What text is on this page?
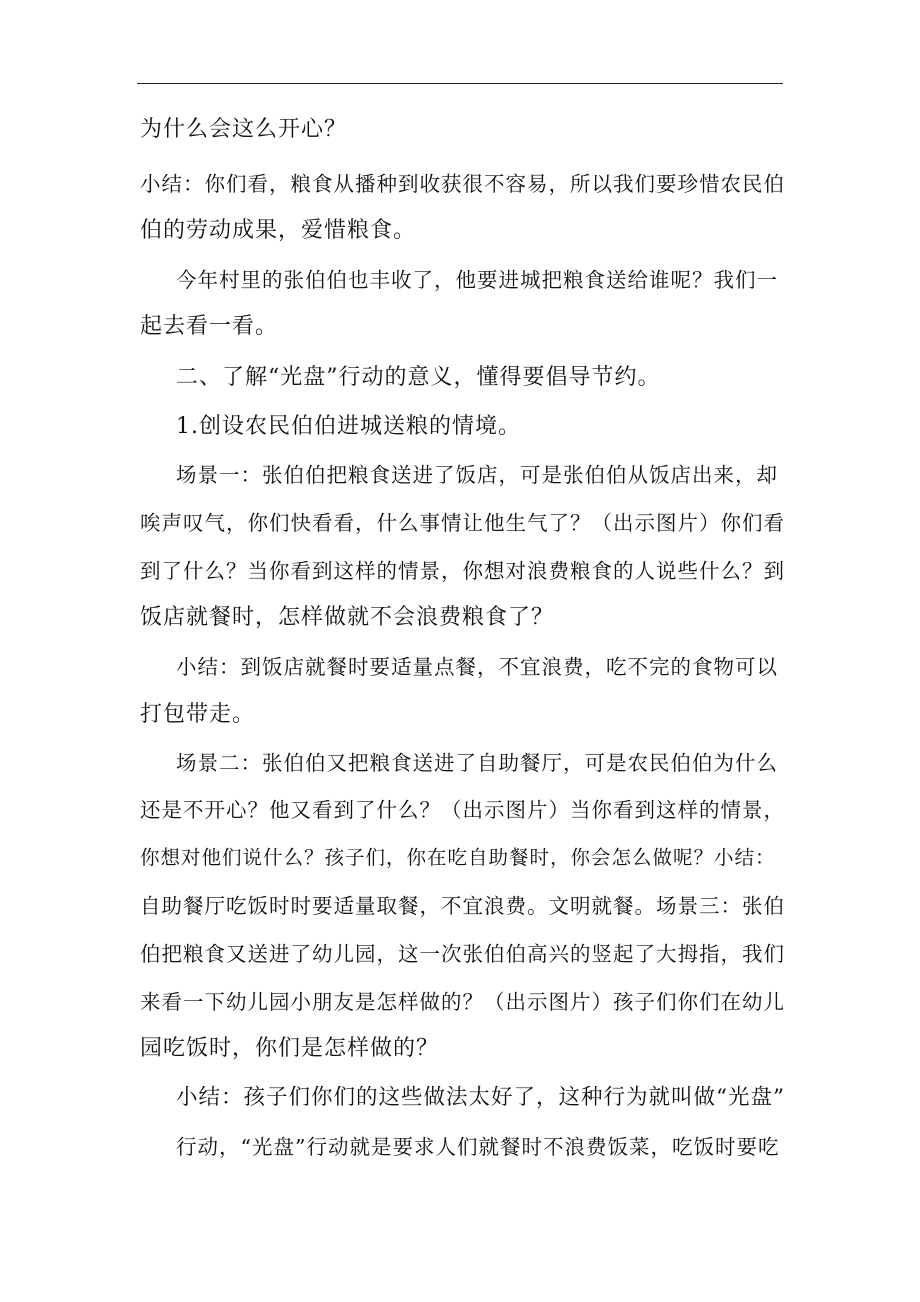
为什么会这么开心？
小结：你们看，粮食从播种到收获很不容易，所以我们要珍惜农民伯
伯的劳动成果，爱惜粮食。
今年村里的张伯伯也丰收了，他要进城把粮食送给谁呢？我们一
起去看一看。
二、了解“光盘”行动的意义，懂得要倡导节约。
1.创设农民伯伯进城送粮的情境。
场景一：张伯伯把粮食送进了饭店，可是张伯伯从饭店出来，却
唉声叹气，你们快看看，什么事情让他生气了？（出示图片）你们看
到了什么？当你看到这样的情景，你想对浪费粮食的人说些什么？到
饭店就餐时，怎样做就不会浪费粮食了？
小结：到饭店就餐时要适量点餐，不宜浪费，吃不完的食物可以
打包带走。
场景二：张伯伯又把粮食送进了自助餐厅，可是农民伯伯为什么
还是不开心？他又看到了什么？（出示图片）当你看到这样的情景，
你想对他们说什么？孩子们，你在吃自助餐时，你会怎么做呢？小结：
自助餐厅吃饭时时要适量取餐，不宜浪费。文明就餐。场景三：张伯
伯把粮食又送进了幼儿园，这一次张伯伯高兴的竖起了大拇指，我们
来看一下幼儿园小朋友是怎样做的？（出示图片）孩子们你们在幼儿
园吃饭时，你们是怎样做的？
小结：孩子们你们的这些做法太好了，这种行为就叫做“光盘”
行动，“光盘”行动就是要求人们就餐时不浪费饭菜，吃饭时要吃
